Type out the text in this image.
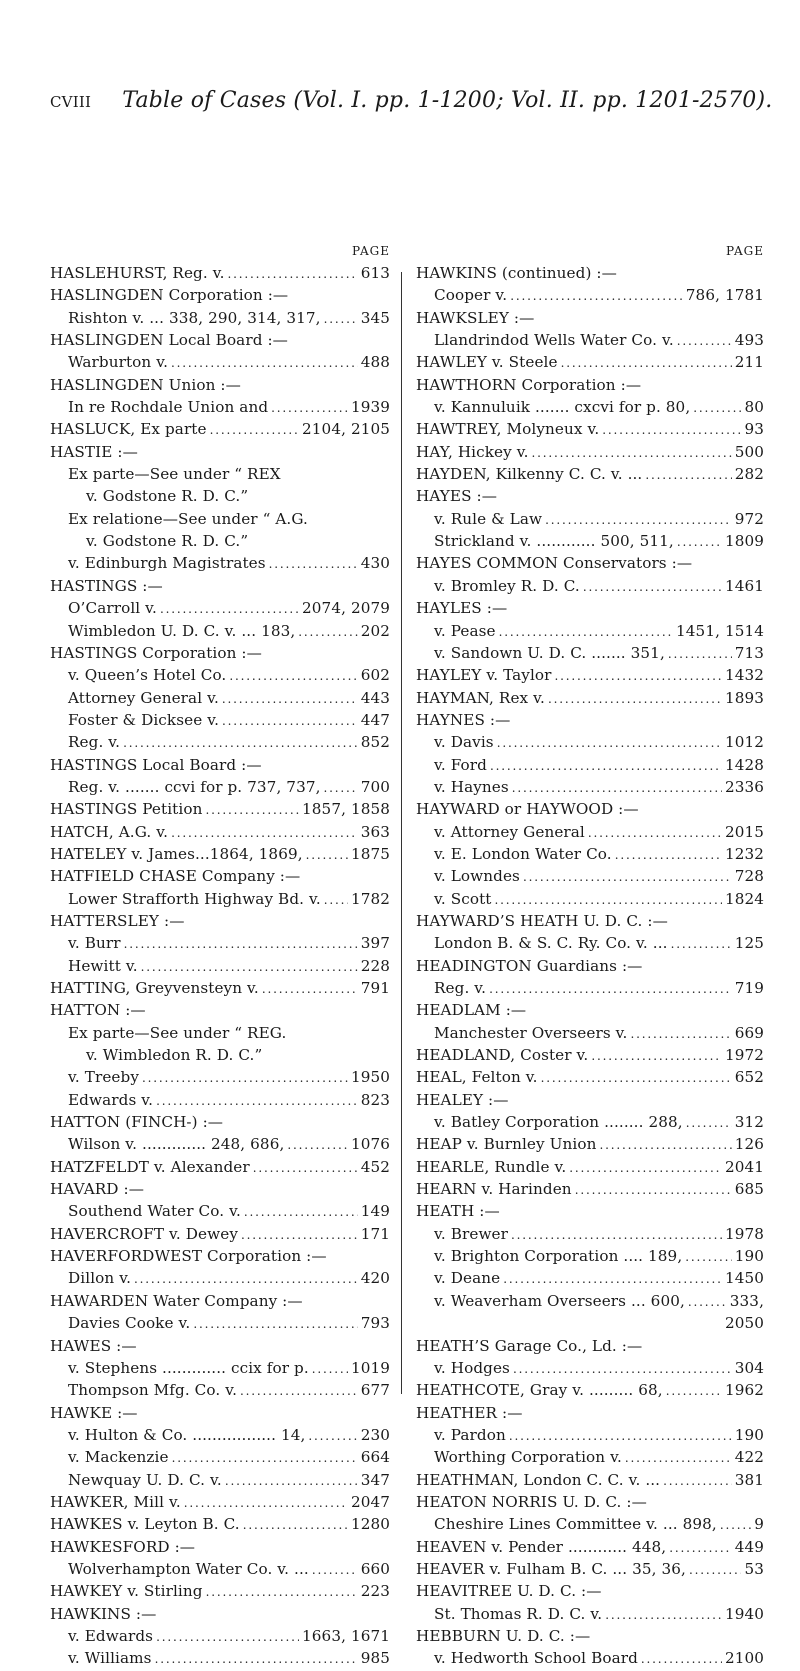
cviii Table of Cases (Vol. I. pp. 1-1200; Vol. II. pp. 1201-2570).
PAGE
HASLEHURST, Reg. v. . . .	613
HASLINGDEN Corporation :—
Rishton v. ... 338, 290, 314, 317, . . .	345
HASLINGDEN Local Board :—
Warburton v. . . .	488
HASLINGDEN Union :—
In re Rochdale Union and . . .	1939
HASLUCK, Ex parte . . .	2104, 2105
HASTIE :—
Ex parte—See under “ REX
v. Godstone R. D. C.”
Ex relatione—See under “ A.G.
v. Godstone R. D. C.”
v. Edinburgh Magistrates . . .	430
HASTINGS :—
O’Carroll v. . . .	2074, 2079
Wimbledon U. D. C. v. ... 183, . . .	202
HASTINGS Corporation :—
v. Queen’s Hotel Co. . . .	602
Attorney General v. . . .	443
Foster & Dicksee v. . . .	447
Reg. v. . . .	852
HASTINGS Local Board :—
Reg. v. ....... ccvi for p. 737, 737, . . .	700
HASTINGS Petition . . .	1857, 1858
HATCH, A.G. v. . . .	363
HATELEY v. James...1864, 1869, . . .	1875
HATFIELD CHASE Company :—
Lower Strafforth Highway Bd. v. . . . 1782
HATTERSLEY :—
v. Burr . . .	397
Hewitt v. . . .	228
HATTING, Greyvensteyn v. . . .	791
HATTON :—
Ex parte—See under “ REG.
v. Wimbledon R. D. C.”
v. Treeby . . .	1950
Edwards v. . . .	823
HATTON (FINCH-) :—
Wilson v. ............. 248, 686, . . .	1076
HATZFELDT v. Alexander . . .	452
HAVARD :—
Southend Water Co. v. . . .	149
HAVERCROFT v. Dewey . . .	171
HAVERFORDWEST Corporation :—
Dillon v. . . .	420
HAWARDEN Water Company :—
Davies Cooke v. . . .	793
HAWES :—
v. Stephens ............. ccix for p. . . .	1019
Thompson Mfg. Co. v. . . .	677
HAWKE :—
v. Hulton & Co. ................. 14, . . .	230
v. Mackenzie . . .	664
Newquay U. D. C. v. . . .	347
HAWKER, Mill v. . . .	2047
HAWKES v. Leyton B. C. . . .	1280
HAWKESFORD :—
Wolverhampton Water Co. v. ... . . .	660
HAWKEY v. Stirling . . .	223
HAWKINS :—
v. Edwards . . .	1663, 1671
v. Williams . . .	985
PAGE
HAWKINS (continued) :—
Cooper v. . . .	786, 1781
HAWKSLEY :—
Llandrindod Wells Water Co. v. . . .	493
HAWLEY v. Steele . . .	211
HAWTHORN Corporation :—
v. Kannuluik ....... cxcvi for p. 80, . . .	80
HAWTREY, Molyneux v. . . .	93
HAY, Hickey v. . . .	500
HAYDEN, Kilkenny C. C. v. ... . . .	282
HAYES :—
v. Rule & Law . . .	972
Strickland v. ............ 500, 511, . . .	1809
HAYES COMMON Conservators :—
v. Bromley R. D. C. . . .	1461
HAYLES :—
v. Pease . . .	1451, 1514
v. Sandown U. D. C. ....... 351, . . .	713
HAYLEY v. Taylor . . .	1432
HAYMAN, Rex v. . . .	1893
HAYNES :—
v. Davis . . .	1012
v. Ford . . .	1428
v. Haynes . . .	2336
HAYWARD or HAYWOOD :—
v. Attorney General . . .	2015
v. E. London Water Co. . . .	1232
v. Lowndes . . .	728
v. Scott . . .	1824
HAYWARD’S HEATH U. D. C. :—
London B. & S. C. Ry. Co. v. ... . . .	125
HEADINGTON Guardians :—
Reg. v. . . .	719
HEADLAM :—
Manchester Overseers v. . . .	669
HEADLAND, Coster v. . . .	1972
HEAL, Felton v. . . .	652
HEALEY :—
v. Batley Corporation ........ 288, . . .	312
HEAP v. Burnley Union . . .	126
HEARLE, Rundle v. . . .	2041
HEARN v. Harinden . . .	685
HEATH :—
v. Brewer . . .	1978
v. Brighton Corporation .... 189, . . .	190
v. Deane . . .	1450
v. Weaverham Overseers ... 600, . . .	333,
2050
HEATH’S Garage Co., Ld. :—
v. Hodges . . .	304
HEATHCOTE, Gray v. ......... 68, . . .	1962
HEATHER :—
v. Pardon . . .	190
Worthing Corporation v. . . .	422
HEATHMAN, London C. C. v. ... . . .	381
HEATON NORRIS U. D. C. :—
Cheshire Lines Committee v. ... 898, . . . 9
HEAVEN v. Pender ............ 448, . . .	449
HEAVER v. Fulham B. C. ... 35, 36, . . .	53
HEAVITREE U. D. C. :—
St. Thomas R. D. C. v. . . .	1940
HEBBURN U. D. C. :—
v. Hedworth School Board . . .	2100
